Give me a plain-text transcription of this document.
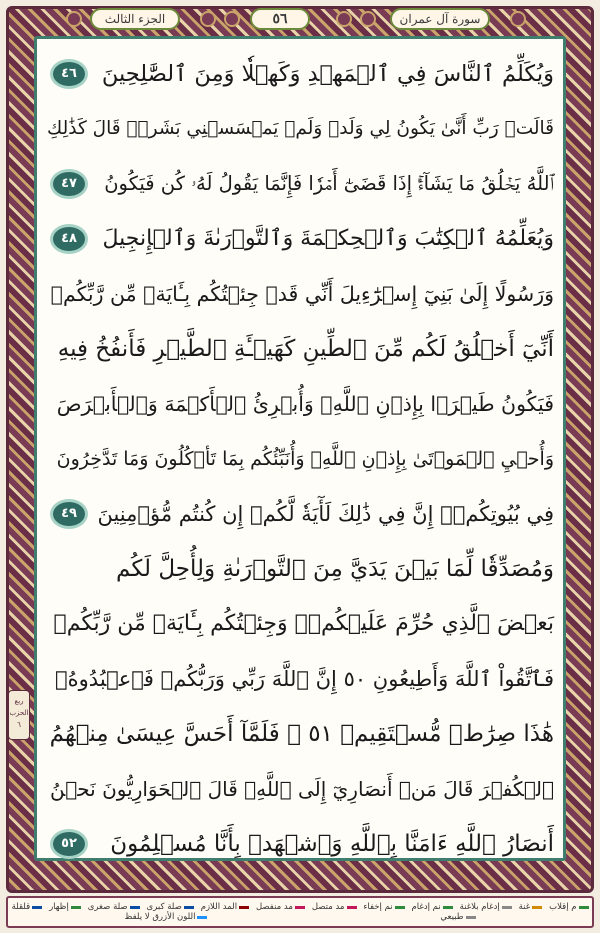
الجزء الثالث	٥٦	سورة آل عمران
وَيُكَلِّمُ ٱلنَّاسَ فِي ٱلۡمَهۡدِ وَكَهۡلٗا وَمِنَ ٱلصَّٰلِحِينَ
٤٦
قَالَتۡ رَبِّ أَنَّىٰ يَكُونُ لِي وَلَدٞ وَلَمۡ يَمۡسَسۡنِي بَشَرٞۖ قَالَ كَذَٰلِكِ
ٱللَّهُ يَخۡلُقُ مَا يَشَآءُۚ إِذَا قَضَىٰٓ أَمۡرٗا فَإِنَّمَا يَقُولُ لَهُۥ كُن فَيَكُونُ
٤٧
وَيُعَلِّمُهُ ٱلۡكِتَٰبَ وَٱلۡحِكۡمَةَ وَٱلتَّوۡرَىٰةَ وَٱلۡإِنجِيلَ
٤٨
وَرَسُولًا إِلَىٰ بَنِيٓ إِسۡرَٰٓءِيلَ أَنِّي قَدۡ جِئۡتُكُم بِـَٔايَةٖ مِّن رَّبِّكُمۡ
أَنِّيٓ أَخۡلُقُ لَكُم مِّنَ ٱلطِّينِ كَهَيۡـَٔةِ ٱلطَّيۡرِ فَأَنفُخُ فِيهِ
فَيَكُونُ طَيۡرَۢا بِإِذۡنِ ٱللَّهِۖ وَأُبۡرِئُ ٱلۡأَكۡمَهَ وَٱلۡأَبۡرَصَ
وَأُحۡيِ ٱلۡمَوۡتَىٰ بِإِذۡنِ ٱللَّهِۖ وَأُنَبِّئُكُم بِمَا تَأۡكُلُونَ وَمَا تَدَّخِرُونَ
فِي بُيُوتِكُمۡۚ إِنَّ فِي ذَٰلِكَ لَأٓيَةٗ لَّكُمۡ إِن كُنتُم مُّؤۡمِنِينَ
٤٩
وَمُصَدِّقٗا لِّمَا بَيۡنَ يَدَيَّ مِنَ ٱلتَّوۡرَىٰةِ وَلِأُحِلَّ لَكُم
بَعۡضَ ٱلَّذِي حُرِّمَ عَلَيۡكُمۡۚ وَجِئۡتُكُم بِـَٔايَةٖ مِّن رَّبِّكُمۡ
فَٱتَّقُواْ ٱللَّهَ وَأَطِيعُونِ ٥٠ إِنَّ ٱللَّهَ رَبِّي وَرَبُّكُمۡ فَٱعۡبُدُوهُۚ
هَٰذَا صِرَٰطٞ مُّسۡتَقِيمٞ ٥١ ۞ فَلَمَّآ أَحَسَّ عِيسَىٰ مِنۡهُمُ
ٱلۡكُفۡرَ قَالَ مَنۡ أَنصَارِيٓ إِلَى ٱللَّهِۖ قَالَ ٱلۡحَوَارِيُّونَ نَحۡنُ
أَنصَارُ ٱللَّهِ ءَامَنَّا بِٱللَّهِ وَٱشۡهَدۡ بِأَنَّا مُسۡلِمُونَ
٥٢
ربع الحزب ٦
م إقلاب
غنة
إدغام بلاغنة
نم إدغام
نم إخفاء
مد متصل
مد منفصل
المد اللازم
صلة كبرى
صلة صغرى
إظهار
قلقلة
طبيعي
اللون الأزرق لا يلفظ
